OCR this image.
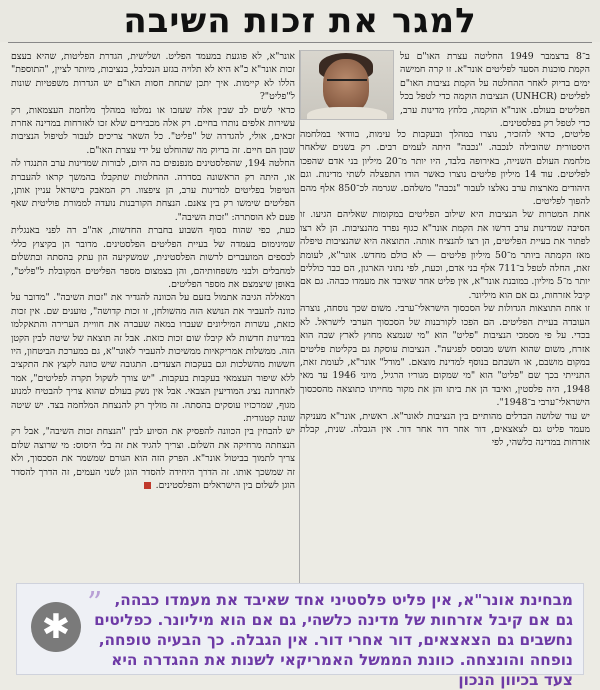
למגר את זכות השיבה

ב־8 בדצמבר 1949 החליטה עצרת האו"ם על הקמת סוכנות הסעד לפליטים אונר"א. זו קרה חמישה ימים בדיוק לאחר ההחלטה על הקמת נציבות האו"ם לפליטים (UNHCR) הנציבות הוקמה כדי לטפל בכל הפליטים בעולם. אונר"א הוקמה, בלחץ מדינות ערב, כדי לטפל רק בפלסטינים.

פליטים, כדאי להזכיר, נוצרו במהלך ובעקבות כל עימות, בוודאי במלחמה היסטורית שהובילה לנכבה. "נכבה" היתה לעמים רבים. רק בשנים שלאחר מלחמת העולם השנייה, באירופה בלבד, היו יותר מ־20 מיליון בני אדם שהפכו לפליטים. עוד 14 מיליון פליטים נוצרו כאשר הודו התפצלה לשתי מדינות. וגם היהודים מארצות ערב נאלצו לעבור "נכבה" משלהם. שגרמה לכ־850 אלף מהם להפוך לפליטים.

אחת המטרות של הנציבות היא שילוב הפליטים במקומות שאליהם הגיעו. זו הסיבה שמדינות ערב דרשו את הקמת אונר"א כגוף נפרד מהנציבות. הן לא רצו לפתור את בעיית הפליטים, הן רצו להנציח אותה. התוצאה היא שהנציבות טיפלה מאז הקמתה ביותר מ־50 מיליון פליטים — לא כולם מחדש. אונר"א, לעומת זאת, החלה לטפל ב־711 אלף בני אדם, וכעת, לפי נתוני הארגון, הם כבר כוללים יותר מ־5 מיליון. במובנת אונר"א, אין פליט אחד שאיבד את מעמדו כבהה. גם אם קיבל אזרחות, גם אם הוא מיליונר.

זו אחת התוצאות הגדולות של הסכסוך הישראלי־ערבי. משום שכך נוסחה, נוצרה העובדה בעיית הפליטים. הם הפכו לקורבנות של הסכסוך הערבי לישראל. לא בכדי. על פי מסמכי הנציבות "פליט" הוא "מי שנמצא מחוץ לארץ שבה הוא אזרח, משום שהוא חשש מבוסס לפגיעה". הנציבות עוסקת גם בקליטת פליטים במקום מושבם, או השבתם בנוסף למדינת מוצאם. "מודל" אונר"א, לעומת זאת, התנייתי בכך שם "פליט" הוא "מי שמקום מגוריו הרגיל, מיוני 1946 עד מאי 1948, היה פלסטין, ואיבד הן את ביתו והן את מקור מחייתו כתוצאה מהסכסוך הישראלי־ערבי ב־1948".

יש עוד שלושה הבדלים מהותיים בין הנציבות לאונר"א. ראשית, אונר"א מעניקה מעמד פליט גם לצאצאים, דור אחר דור אחר דור. אין הגבלה. שנית, קבלת אזרחות במדינה כלשהי, לפי

אונר"א, לא פוגעת במעמד הפליט. ושלישית, הגדרת הפליטות, שהיא בעצם זכות אונר"א כ"א היא לא תלויה בגזע הנכלבל, בנציבות, מיותר לציין, "התוספת" הללו לא קיימות. איך יתכן שתחת חסות האו"ם יש הגדרות משפטיות שונות ל"פליט"?

כדאי לשים לב שבין אלה שעזבו או נמלטו במהלך מלחמת העצמאות, רק עשירות אלפים נותרו בחיים. רק אלה מכבירים שלא זכו לאזרחות במדינה אחרת זכאים, אולי, להגדרה של "פליט". כל השאר צריכים לעבור לטיפול הנציבות שבון הם חיים. זה בדיוק מה שהוחלט על ידי עצרת האו"ם.

החלטה 194, שהפלסטינים מנפנפים בה היום, לבורות שמדינות ערב התנגדו לה או, היתה רק הראשונה בסדרה. ההחלטות שתקבלו בהמשך קראו להעברת הטיפול בפליטים למדינות ערב, הן ציפצוו. רק המאבק בישראל עניין אותן, הפליטים שימשו רק בין צאנם. הנצחת הקורבנות נועדה לממורת פוליטית שאף פעם לא הוסתרה: "זכות השיבה".

כעת, כפי שהוח בסוף השבוע בחברת החדשות, אה"ב רה לפני באנגלית שמינימום בעמדה של בעיית הפליטים הפלסטינים. מדובר הן בקיצוץ כללי לכספים המועברים לרשות הפלסטינית, שמשקיעה הון עתק בהסתה ובתשלום למחבלים ולבני משפחותיהם, והן בצמצום מספר הפליטים המקובלת ל"פליט", באופן שיצמצם את מספר הפליטים.

רמאללה הגיבה אתמול בזעם על הכוונה להגדיר את "זכות השיבה". "מדובר על כוונה להעביר את הנושא הזה מהשולחן, זו זכות קדושה", טוענים שם. אין זכות כזאת, עשרות המיליונים שעברו במאה שעברה את חוויית הערירה והתאקלמו במדינות חדשות לא קיבלו שום זכות כזאת. אבל זה תוצאה של שיטה לבין הקטן הזה. ממשלות אמריקאיות ממשיכות להעביר לאונר"א, גם במערכת הביטחון, היו חששות מהשלכות וגם בעקבות הצעדים. התגובה שיש כוונה לקצץ את התקציב ללא שיפור העצמאי בעקבות בעקבות. "יש צורך לשקול תקרה לפליטים", אמר לאחרונה נציג המודיעין הצבאי. אבל אין נשק בעולם שהוא צריך להבטיח למנוע מגוף, שמרכזיו עוסקים בהסתה. זה מוליך רק להנצחת המלחמה בצד. יש שיטה שונה קטגורית.

יש להבחין בין הכוונה להפסיק את הסיוע לבין "הנצחת זכות השיבה", אבל רק הנצחתה מרחיקה את השלום. וצריך להגיד את זה בלי היסוס: מי שרוצה שלום צריך לתמוך בביטול אונר"א. הפרק הזה הוא הגורם שמשמר את הסכסוך, ולא זה שמשכך אותו. זה הדרך היחידה להסדר הוגן לשני העמים, זה הדרך להסדר הוגן לשלום בין הישראלים והפלסטינים.

מבחינת אונר"א, אין פליט פלסטיני אחד שאיבד את מעמדו כבהה, גם אם קיבל אזרחות של מדינה כלשהי, גם אם הוא מיליונר. כפליטים נחשבים גם הצאצאים, דור אחרי דור. אין הגבלה. כך הבעיה טופחה, נופחה והונצחה. כוונת הממשל האמריקאי לשנות את ההגדרה היא צעד בכיוון הנכון
”
✱
